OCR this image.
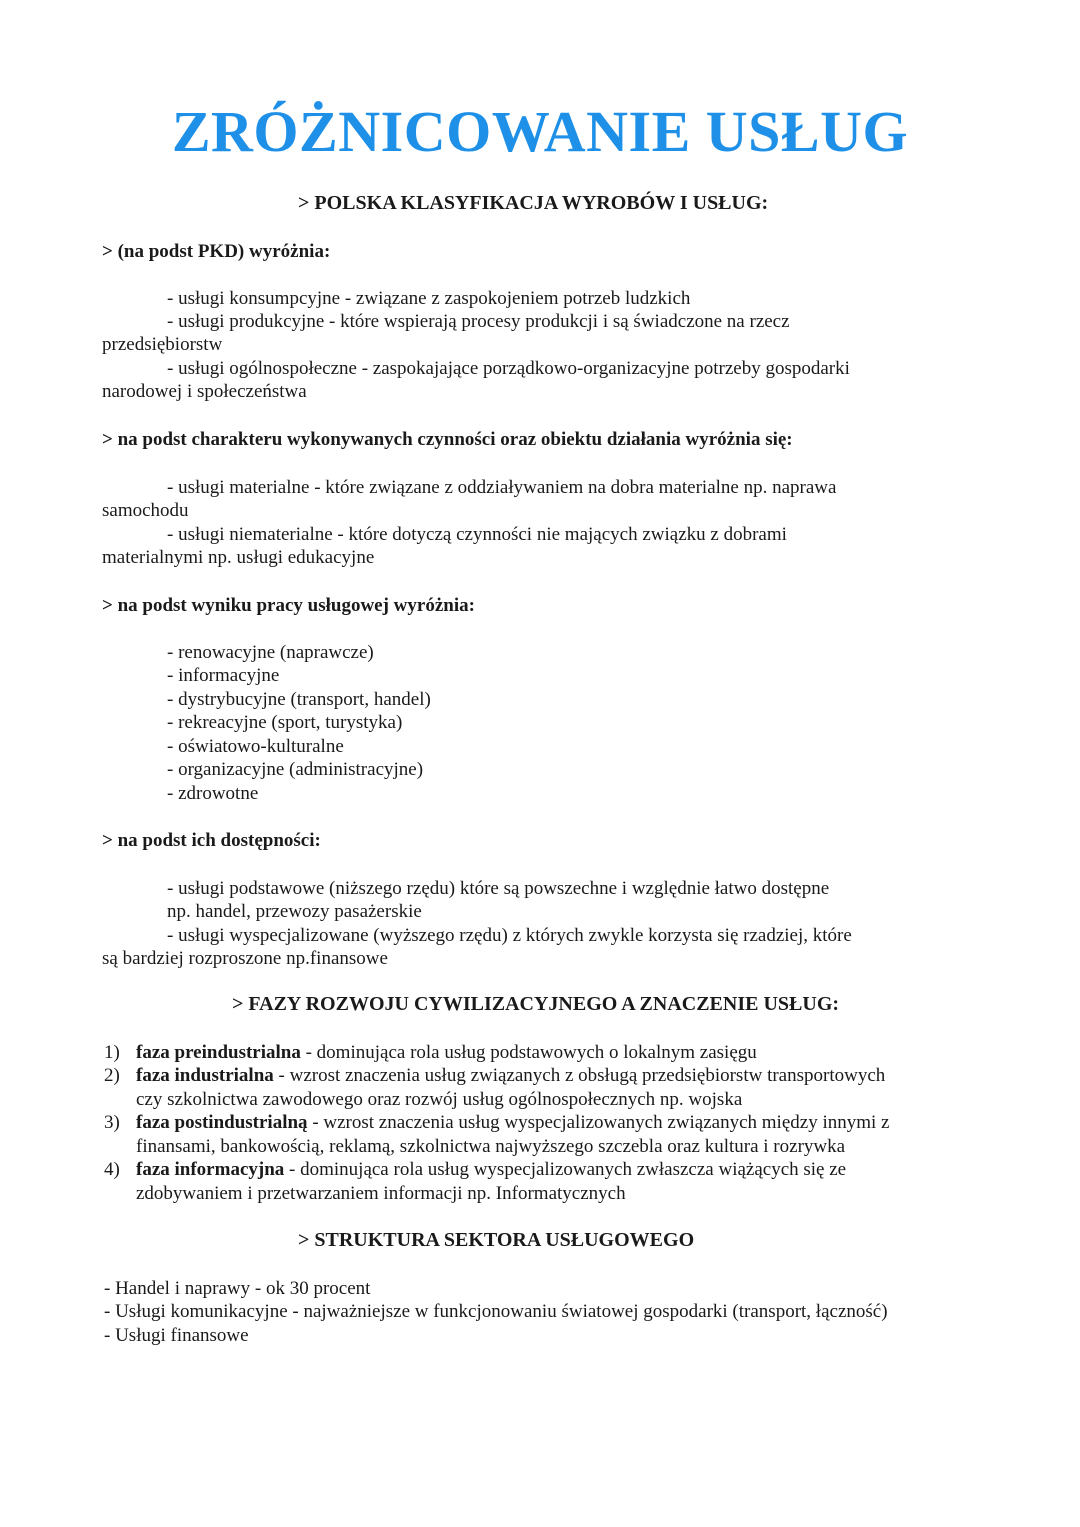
ZRÓŻNICOWANIE USŁUG
> POLSKA KLASYFIKACJA WYROBÓW I USŁUG:
> (na podst PKD) wyróżnia:
- usługi konsumpcyjne - związane z zaspokojeniem potrzeb ludzkich
- usługi produkcyjne - które wspierają procesy produkcji i są świadczone na rzecz
przedsiębiorstw
- usługi ogólnospołeczne - zaspokajające porządkowo-organizacyjne potrzeby gospodarki
narodowej i społeczeństwa
> na podst charakteru wykonywanych czynności oraz obiektu działania wyróżnia się:
- usługi materialne - które związane z oddziaływaniem na dobra materialne np. naprawa
samochodu
- usługi niematerialne - które dotyczą czynności nie mających związku z dobrami
materialnymi np. usługi edukacyjne
> na podst wyniku pracy usługowej wyróżnia:
- renowacyjne (naprawcze)
- informacyjne
- dystrybucyjne (transport, handel)
- rekreacyjne (sport, turystyka)
- oświatowo-kulturalne
- organizacyjne (administracyjne)
- zdrowotne
> na podst ich dostępności:
- usługi podstawowe (niższego rzędu) które są powszechne i względnie łatwo dostępne
np. handel, przewozy pasażerskie
- usługi wyspecjalizowane (wyższego rzędu) z których zwykle korzysta się rzadziej, które
są bardziej rozproszone np.finansowe
> FAZY ROZWOJU CYWILIZACYJNEGO A ZNACZENIE USŁUG:
1) faza preindustrialna - dominująca rola usług podstawowych o lokalnym zasięgu
2) faza industrialna - wzrost znaczenia usług związanych z obsługą przedsiębiorstw transportowych
czy szkolnictwa zawodowego oraz rozwój usług ogólnospołecznych np. wojska
3) faza postindustrialną - wzrost znaczenia usług wyspecjalizowanych związanych między innymi z
finansami, bankowością, reklamą, szkolnictwa najwyższego szczebla oraz kultura i rozrywka
4) faza informacyjna - dominująca rola usług wyspecjalizowanych zwłaszcza wiążących się ze
zdobywaniem i przetwarzaniem informacji np. Informatycznych
> STRUKTURA SEKTORA USŁUGOWEGO
- Handel i naprawy - ok 30 procent
- Usługi komunikacyjne - najważniejsze w funkcjonowaniu światowej gospodarki (transport, łączność)
- Usługi finansowe
